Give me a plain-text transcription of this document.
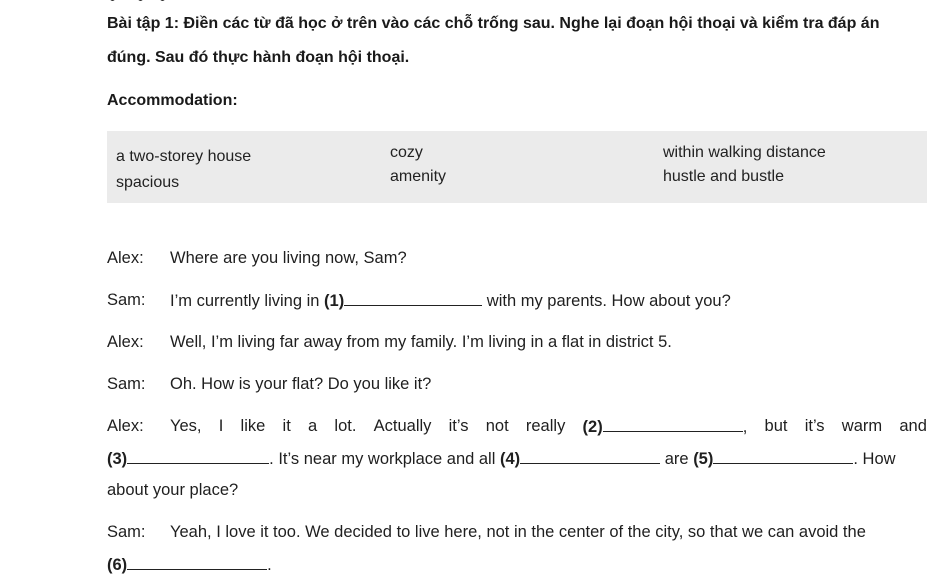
Bài tập 1: Điền các từ đã học ở trên vào các chỗ trống sau. Nghe lại đoạn hội thoại và kiểm tra đáp án
đúng. Sau đó thực hành đoạn hội thoại.
Accommodation:
a two-storey house	cozy	within walking distance
spacious	amenity	hustle and bustle
Alex: Where are you living now, Sam?
Sam: I’m currently living in (1)	with my parents. How about you?
Alex: Well, I’m living far away from my family. I’m living in a flat in district 5.
Sam: Oh. How is your flat? Do you like it?
Alex: Yes, I like it a lot. Actually it’s not really (2)	, but it’s warm and
(3)	. It’s near my workplace and all (4)	are (5)	. How
about your place?
Sam: Yeah, I love it too. We decided to live here, not in the center of the city, so that we can avoid the
(6)	.
